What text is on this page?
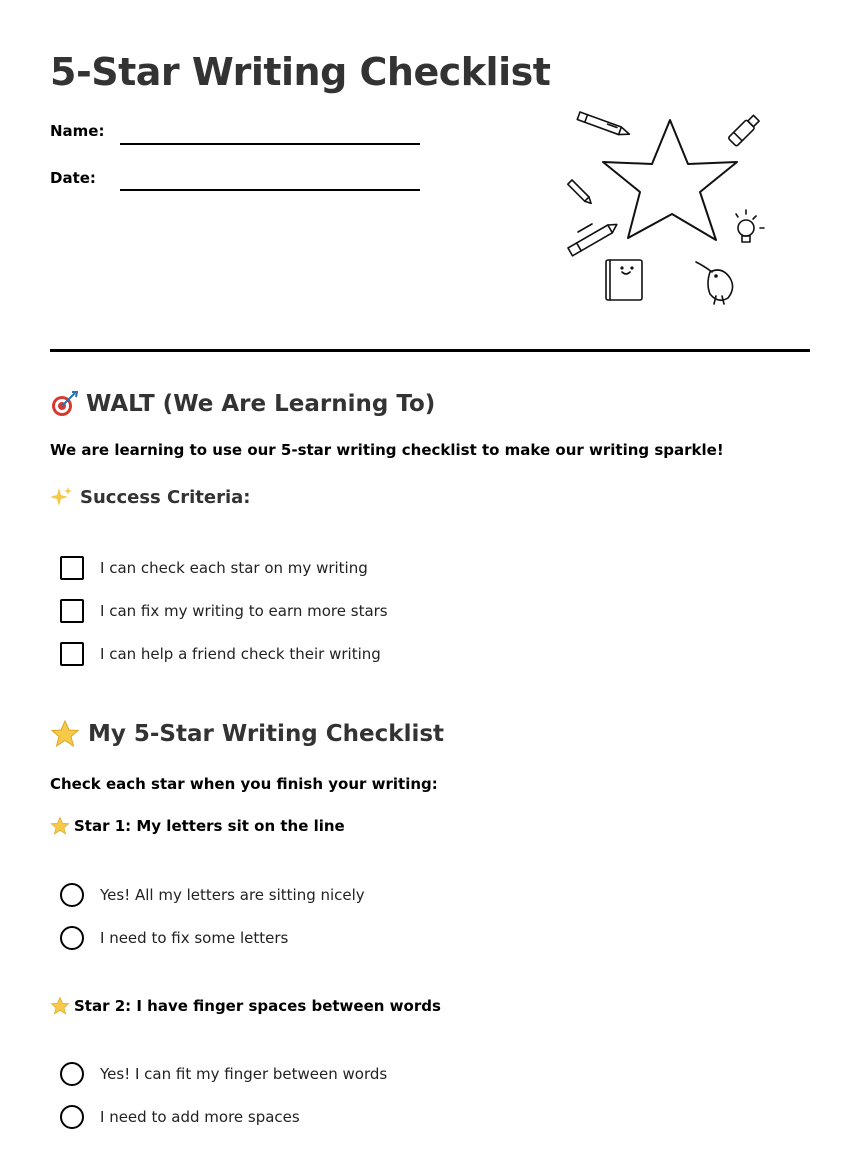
5-Star Writing Checklist
Name:
Date:
WALT (We Are Learning To)
We are learning to use our 5-star writing checklist to make our writing sparkle!
Success Criteria:
I can check each star on my writing
I can fix my writing to earn more stars
I can help a friend check their writing
My 5-Star Writing Checklist
Check each star when you finish your writing:
Star 1: My letters sit on the line
Yes! All my letters are sitting nicely
I need to fix some letters
Star 2: I have finger spaces between words
Yes! I can fit my finger between words
I need to add more spaces
